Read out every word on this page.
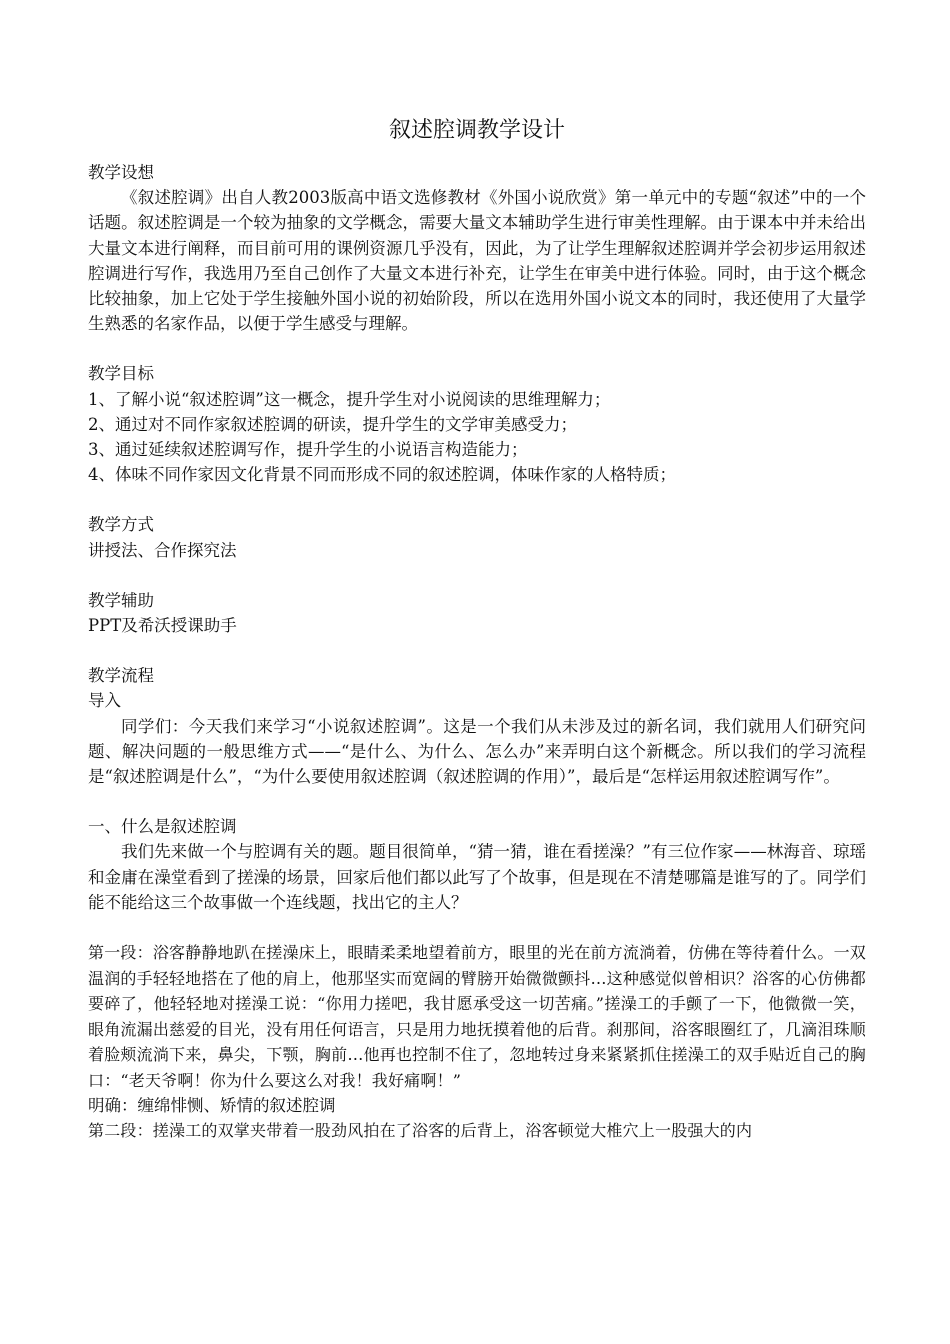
叙述腔调教学设计

教学设想

《叙述腔调》出自人教2003版高中语文选修教材《外国小说欣赏》第一单元中的专题“叙述”中的一个话题。叙述腔调是一个较为抽象的文学概念，需要大量文本辅助学生进行审美性理解。由于课本中并未给出大量文本进行阐释，而目前可用的课例资源几乎没有，因此，为了让学生理解叙述腔调并学会初步运用叙述腔调进行写作，我选用乃至自己创作了大量文本进行补充，让学生在审美中进行体验。同时，由于这个概念比较抽象，加上它处于学生接触外国小说的初始阶段，所以在选用外国小说文本的同时，我还使用了大量学生熟悉的名家作品，以便于学生感受与理解。

教学目标

1、了解小说“叙述腔调”这一概念，提升学生对小说阅读的思维理解力；

2、通过对不同作家叙述腔调的研读，提升学生的文学审美感受力；

3、通过延续叙述腔调写作，提升学生的小说语言构造能力；

4、体味不同作家因文化背景不同而形成不同的叙述腔调，体味作家的人格特质；

教学方式

讲授法、合作探究法

教学辅助

PPT及希沃授课助手

教学流程

导入

同学们：今天我们来学习“小说叙述腔调”。这是一个我们从未涉及过的新名词，我们就用人们研究问题、解决问题的一般思维方式——“是什么、为什么、怎么办”来弄明白这个新概念。所以我们的学习流程是“叙述腔调是什么”，“为什么要使用叙述腔调（叙述腔调的作用）”，最后是“怎样运用叙述腔调写作”。

一、什么是叙述腔调

我们先来做一个与腔调有关的题。题目很简单，“猜一猜，谁在看搓澡？”有三位作家——林海音、琼瑶和金庸在澡堂看到了搓澡的场景，回家后他们都以此写了个故事，但是现在不清楚哪篇是谁写的了。同学们能不能给这三个故事做一个连线题，找出它的主人？

第一段：浴客静静地趴在搓澡床上，眼睛柔柔地望着前方，眼里的光在前方流淌着，仿佛在等待着什么。一双温润的手轻轻地搭在了他的肩上，他那坚实而宽阔的臂膀开始微微颤抖…这种感觉似曾相识？浴客的心仿佛都要碎了，他轻轻地对搓澡工说：“你用力搓吧，我甘愿承受这一切苦痛。”搓澡工的手颤了一下，他微微一笑，眼角流漏出慈爱的目光，没有用任何语言，只是用力地抚摸着他的后背。刹那间，浴客眼圈红了，几滴泪珠顺着脸颊流淌下来，鼻尖，下颚，胸前…他再也控制不住了，忽地转过身来紧紧抓住搓澡工的双手贴近自己的胸口：“老天爷啊！你为什么要这么对我！我好痛啊！”

明确：缠绵悱恻、矫情的叙述腔调

第二段：搓澡工的双掌夹带着一股劲风拍在了浴客的后背上，浴客顿觉大椎穴上一股强大的内
